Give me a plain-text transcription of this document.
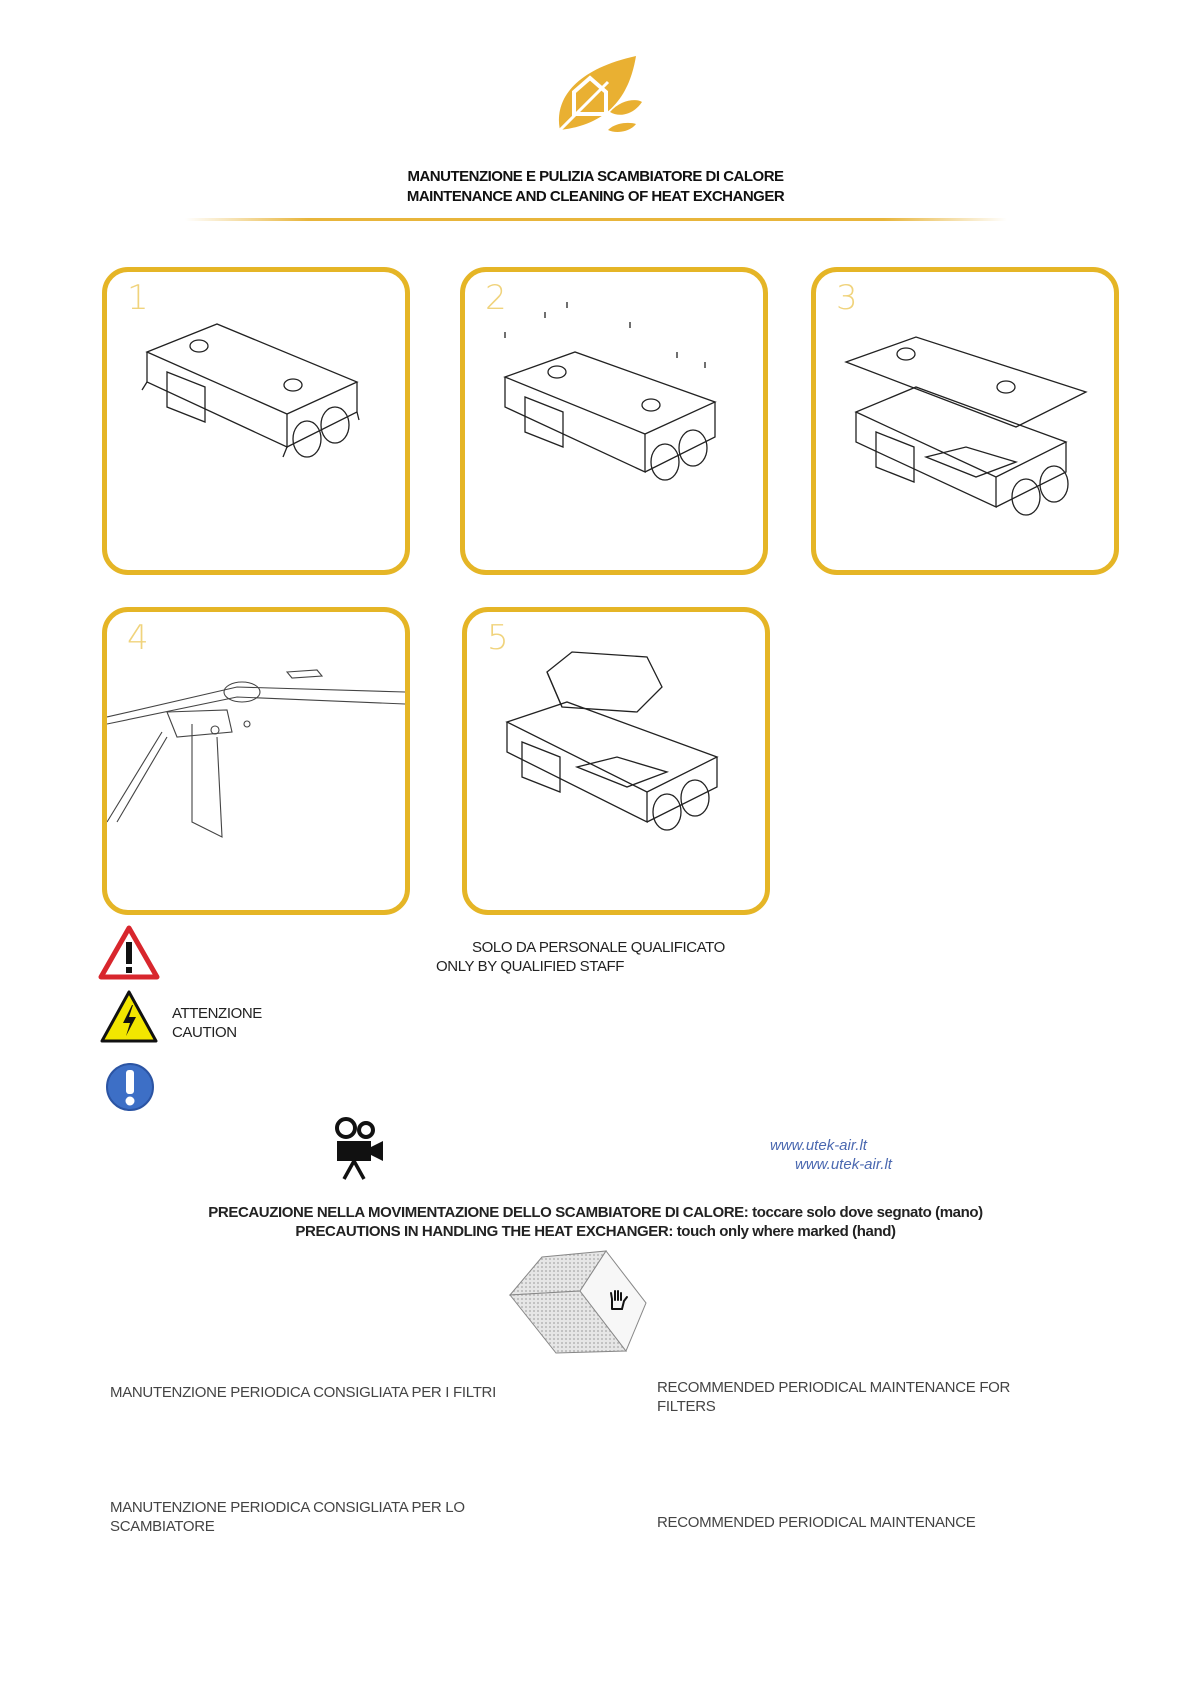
MANUTENZIONE E PULIZIA SCAMBIATORE DI CALORE
MAINTENANCE AND CLEANING OF HEAT EXCHANGER
1	2	3
4	5
SOLO DA PERSONALE QUALIFICATO
ONLY BY QUALIFIED STAFF
ATTENZIONE
CAUTION
www.utek-air.lt
www.utek-air.lt
PRECAUZIONE NELLA MOVIMENTAZIONE DELLO SCAMBIATORE DI CALORE: toccare solo dove segnato (mano)
PRECAUTIONS IN HANDLING THE HEAT EXCHANGER: touch only where marked (hand)
MANUTENZIONE PERIODICA CONSIGLIATA PER I FILTRI	RECOMMENDED PERIODICAL MAINTENANCE FOR FILTERS
MANUTENZIONE PERIODICA CONSIGLIATA PER LO SCAMBIATORE	RECOMMENDED PERIODICAL MAINTENANCE
